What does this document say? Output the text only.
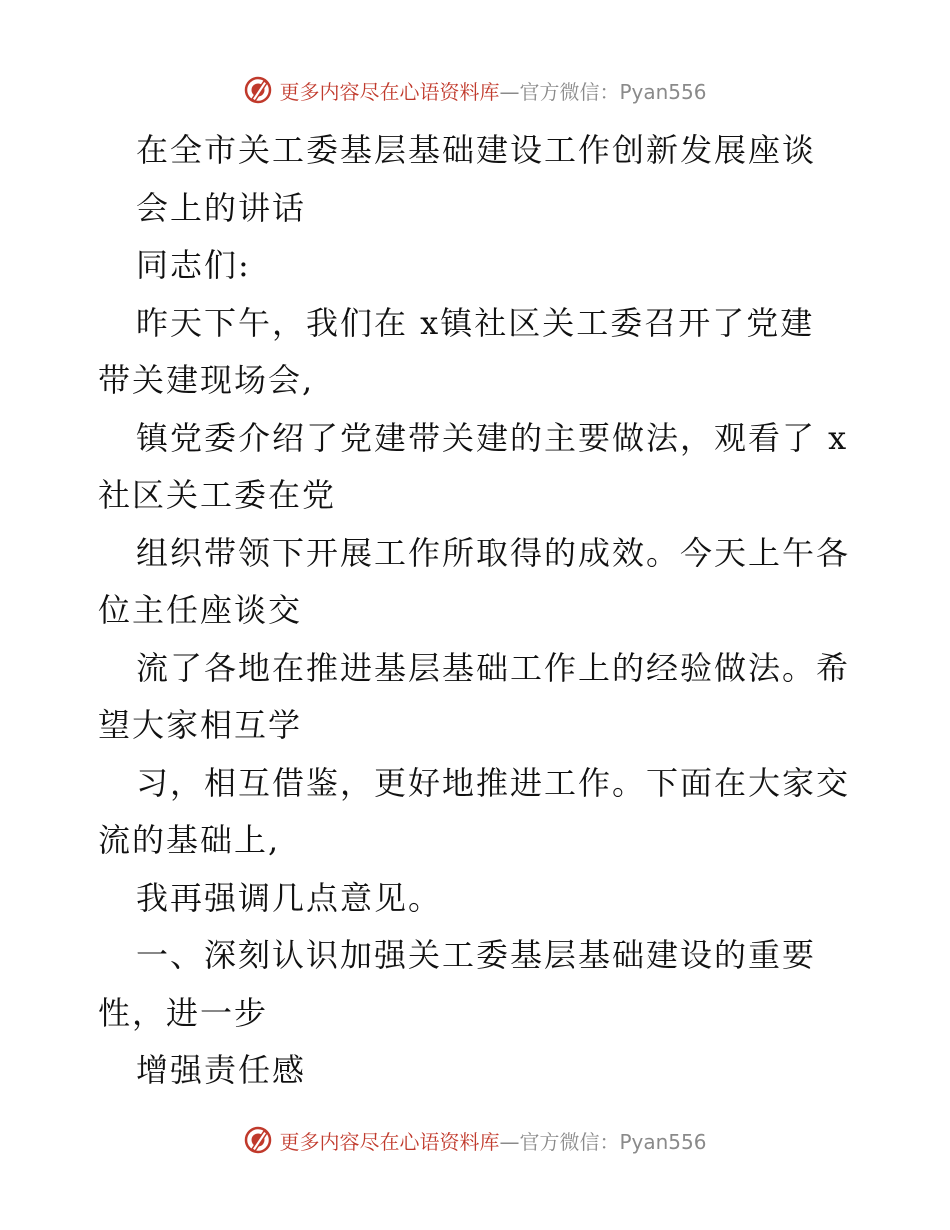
更多内容尽在心语资料库—官方微信：Pyan556
在全市关工委基层基础建设工作创新发展座谈
会上的讲话
同志们:
昨天下午，我们在 x镇社区关工委召开了党建
带关建现场会,
镇党委介绍了党建带关建的主要做法，观看了 x
社区关工委在党
组织带领下开展工作所取得的成效。今天上午各
位主任座谈交
流了各地在推进基层基础工作上的经验做法。希
望大家相互学
习，相互借鉴，更好地推进工作。下面在大家交
流的基础上,
我再强调几点意见。
一、深刻认识加强关工委基层基础建设的重要
性，进一步
增强责任感
更多内容尽在心语资料库—官方微信：Pyan556
